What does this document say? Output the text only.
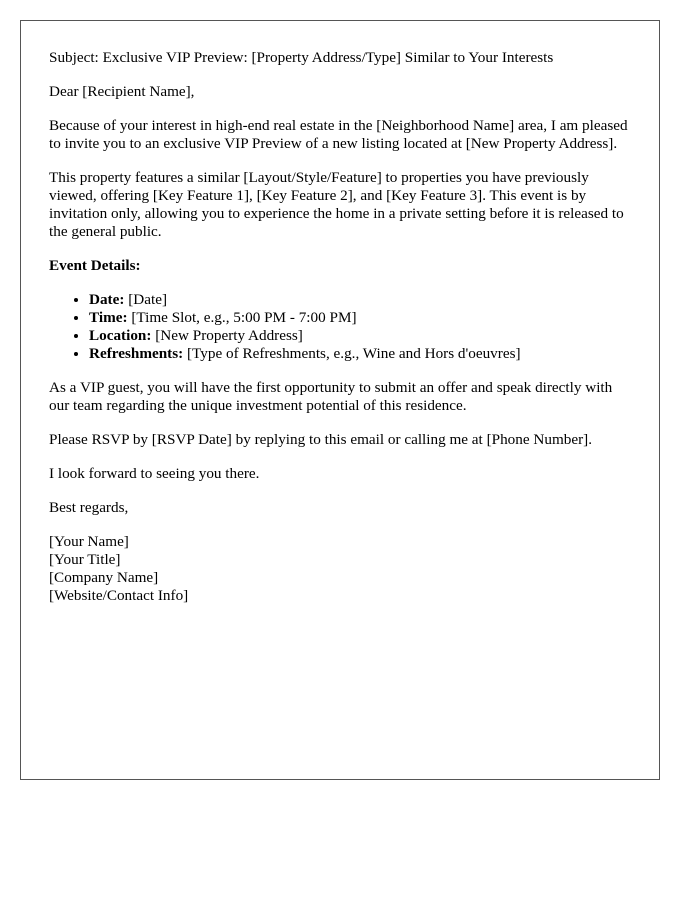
Subject: Exclusive VIP Preview: [Property Address/Type] Similar to Your Interests

Dear [Recipient Name],

Because of your interest in high-end real estate in the [Neighborhood Name] area, I am pleased to invite you to an exclusive VIP Preview of a new listing located at [New Property Address].

This property features a similar [Layout/Style/Feature] to properties you have previously viewed, offering [Key Feature 1], [Key Feature 2], and [Key Feature 3]. This event is by invitation only, allowing you to experience the home in a private setting before it is released to the general public.

Event Details:

• Date: [Date]
• Time: [Time Slot, e.g., 5:00 PM - 7:00 PM]
• Location: [New Property Address]
• Refreshments: [Type of Refreshments, e.g., Wine and Hors d'oeuvres]

As a VIP guest, you will have the first opportunity to submit an offer and speak directly with our team regarding the unique investment potential of this residence.

Please RSVP by [RSVP Date] by replying to this email or calling me at [Phone Number].

I look forward to seeing you there.

Best regards,

[Your Name]
[Your Title]
[Company Name]
[Website/Contact Info]
